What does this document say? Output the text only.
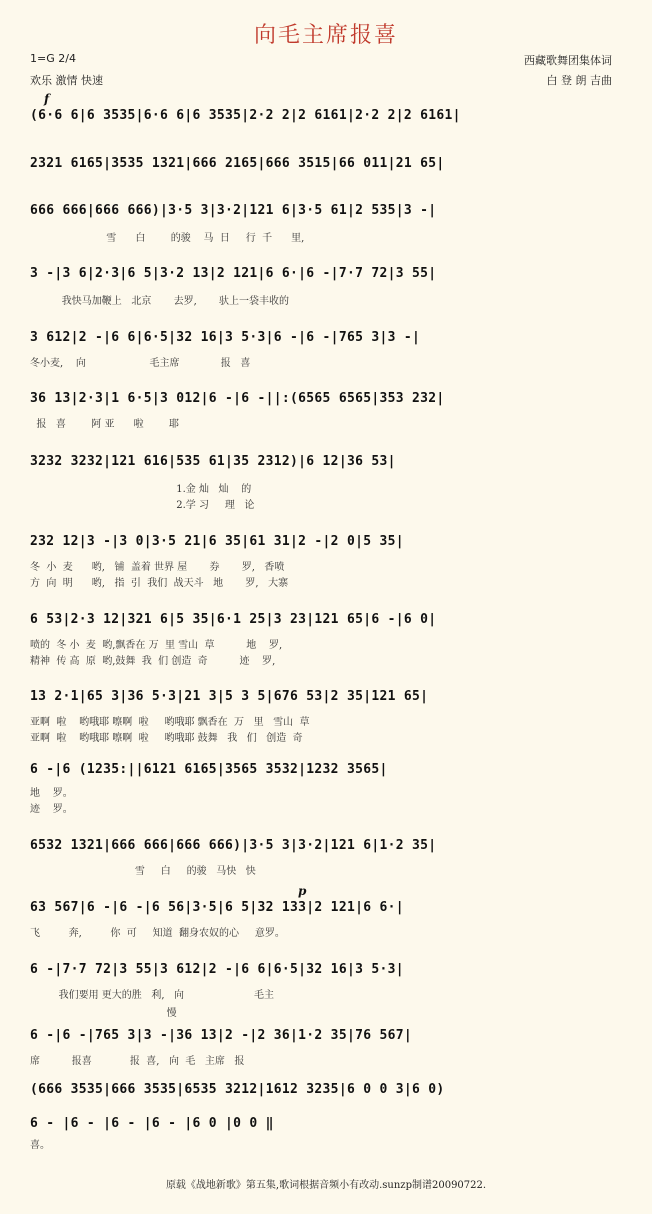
向毛主席报喜
1=G 2/4
欢乐 激情 快速
西藏歌舞团集体词
白 登 朗 吉曲
f
p
(6·6 6|6 3535|6·6 6|6 3535|2·2 2|2 6161|2·2 2|2 6161|
2321 6165|3535 1321|666 2165|666 3515|66 011|21 65|
666 666|666 666)|3·5 3|3·2|121 6|3·5 61|2 535|3 -|
雪      白        的骏    马  日     行  千      里,
3 -|3 6|2·3|6 5|3·2 13|2 121|6 6·|6 -|7·7 72|3 55|
我快马加鞭上   北京       去罗,       驮上一袋丰收的
3 612|2 -|6 6|6·5|32 16|3 5·3|6 -|6 -|765 3|3 -|
冬小麦,    向                    毛主席             报   喜
36 13|2·3|1 6·5|3 012|6 -|6 -||:(6565 6565|353 232|
报   喜        阿 亚      啦        耶
3232 3232|121 616|535 61|35 2312)|6 12|36 53|
1.金 灿   灿    的
2.学 习     理   论
232 12|3 -|3 0|3·5 21|6 35|61 31|2 -|2 0|5 35|
冬  小  麦      哟,   铺  盖着 世界 屋       券       罗,   香喷
方  向  明      哟,   指  引  我们  战天斗   地       罗,   大寨
6 53|2·3 12|321 6|5 35|6·1 25|3 23|121 65|6 -|6 0|
喷的  冬 小  麦  哟,飘香在 万  里 雪山  草          地    罗,
精神  传 高  原  哟,鼓舞  我  们 创造  奇          迹    罗,
13 2·1|65 3|36 5·3|21 3|5 3 5|676 53|2 35|121 65|
亚啊  啦    哟哦耶 嚓啊  啦     哟哦耶 飘香在  万   里   雪山  草
亚啊  啦    哟哦耶 嚓啊  啦     哟哦耶 鼓舞   我   们   创造  奇
6 -|6 (1235:||6121 6165|3565 3532|1232 3565|
地    罗。
迹    罗。
6532 1321|666 666|666 666)|3·5 3|3·2|121 6|1·2 35|
雪     白     的骏   马快   快
63 567|6 -|6 -|6 56|3·5|6 5|32 133|2 121|6 6·|
飞         奔,         你  可     知道  翻身农奴的心     意罗。
6 -|7·7 72|3 55|3 612|2 -|6 6|6·5|32 16|3 5·3|
我们要用 更大的胜   利,   向                      毛主
慢
6 -|6 -|765 3|3 -|36 13|2 -|2 36|1·2 35|76 567|
席          报喜            报  喜,   向  毛   主席   报
(666 3535|666 3535|6535 3212|1612 3235|6 0 0 3|6 0)
6 - |6 - |6 - |6 - |6 0 |0 0 ‖
喜。
原载《战地新歌》第五集,歌词根据音频小有改动.sunzp制谱20090722.
